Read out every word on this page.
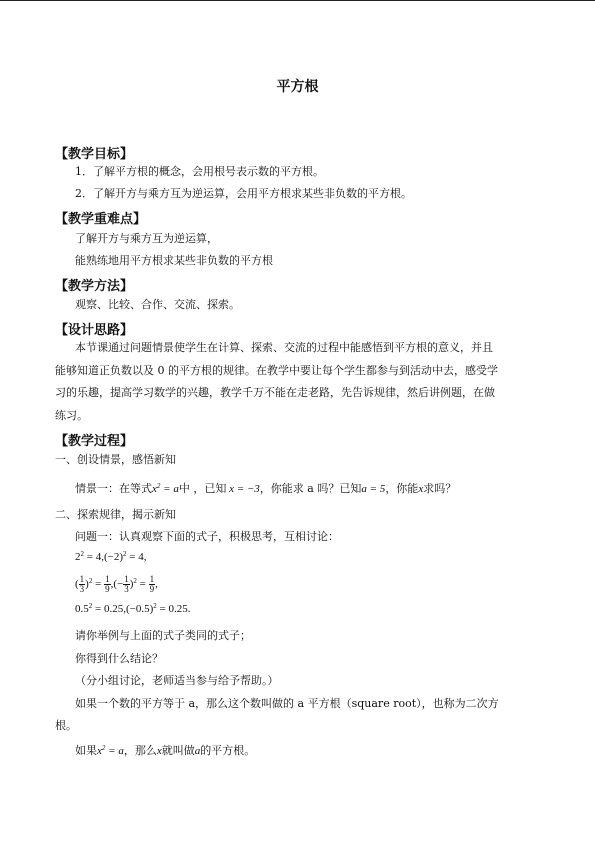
平方根
【教学目标】
1．了解平方根的概念，会用根号表示数的平方根。
2．了解开方与乘方互为逆运算，会用平方根求某些非负数的平方根。
【教学重难点】
了解开方与乘方互为逆运算，
能熟练地用平方根求某些非负数的平方根
【教学方法】
观察、比较、合作、交流、探索。
【设计思路】
本节课通过问题情景使学生在计算、探索、交流的过程中能感悟到平方根的意义，并且
能够知道正负数以及 0 的平方根的规律。在教学中要让每个学生都参与到活动中去，感受学
习的乐趣，提高学习数学的兴趣，教学千万不能在走老路，先告诉规律，然后讲例题，在做
练习。
【教学过程】
一、创设情景，感悟新知
情景一：在等式$x^2 = a$中 ，已知 x = −3，你能求 a 吗？已知a = 5，你能x求吗？
二、探索规律，揭示新知
问题一：认真观察下面的式子，积极思考，互相讨论：
$2^2 = 4,(-2)^2 = 4$,
( $\frac{1}{3} )^2 = \frac{1}{9}$ ,(− $\frac{1}{3} )^2 = \frac{1}{9}$ ,
$0.5^2 = 0.25,(-0.5)^2 = 0.25$.
请你举例与上面的式子类同的式子；
你得到什么结论？
（分小组讨论，老师适当参与给予帮助。）
如果一个数的平方等于 a，那么这个数叫做的 a 平方根（square root），也称为二次方
根。
如果$x^2 = a$，那么x就叫做a的平方根。
